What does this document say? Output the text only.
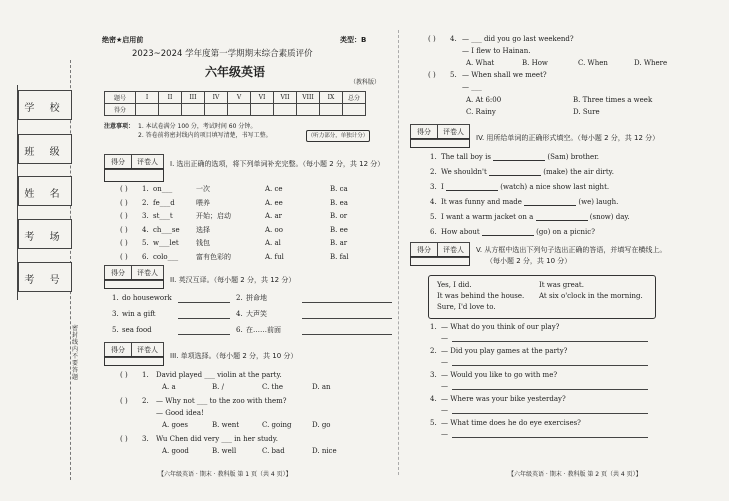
学 校
班 级
姓 名
考 场
考 号
密封线内不要答题
绝密★启用前	类型：B
2023~2024 学年度第一学期期末综合素质评价
六年级英语
（教科版）
题号	I	II	III	IV	V	VI	VII	VIII	IX	总分
得分										
注意事项： 1. 本试卷满分 100 分，考试时间 60 分钟。
2. 答卷前将密封线内的项目填写清楚，书写工整。	（听力部分，单独计分）
得分	评卷人	I. 选出正确的选项，将下列单词补充完整。（每小题 2 分，共 12 分）
得分	评卷人
II. 英汉互译。（每小题 2 分，共 12 分）
得分	评卷人
III. 单项选择。（每小题 2 分，共 10 分）
得分	评卷人
IV. 用所给单词的正确形式填空。（每小题 2 分，共 12 分）
得分	评卷人	V. 从方框中选出下列句子选出正确的答语，并填写在横线上。
（每小题 2 分，共 10 分）
Yes, I did.	It was great.
It was behind the house. At six o'clock in the morning.
Sure, I'd love to.
【六年级英语 · 期末 · 教科版 第 1 页（共 4 页）】	【六年级英语 · 期末 · 教科版 第 2 页（共 4 页）】
( ) 1. on___	一次	A. ce	B. ca
( ) 2. fe___d	喂养	A. ee	B. ea
( ) 3. st___t	开始；启动	A. ar	B. or
( ) 4. ch___se 选择	A. oo	B. ee
( ) 5. w___let 钱包	A. al	B. ar
( ) 6. colo___	富有色彩的	A. ful	B. fal
1. do housework	2. 拼命地
3. win a gift	4. 大声笑
5. sea food	6. 在……前面
( ) 1. David played ___ violin at the party.
A. a	B. /	C. the	D. an
( ) 2. — Why not ___ to the zoo with them?
— Good idea!
A. goes	B. went	C. going	D. go
( ) 3. Wu Chen did very ___ in her study.
A. good	B. well	C. bad	D. nice
( ) 4. — ___ did you go last weekend?
— I flew to Hainan.
A. What	B. How	C. When	D. Where
( ) 5. — When shall we meet?
— ___
A. At 6:00	B. Three times a week
C. Rainy	D. Sure
1. The tall boy is	(Sam) brother.
2. We shouldn't	(make) the air dirty.
3. I	(watch) a nice show last night.
4. It was funny and made	(we) laugh.
5. I want a warm jacket on a	(snow) day.
6. How about	(go) on a picnic?
1. — What do you think of our play?
—
2. — Did you play games at the party?
—
3. — Would you like to go with me?
—
4. — Where was your bike yesterday?
—
5. — What time does he do eye exercises?
—
